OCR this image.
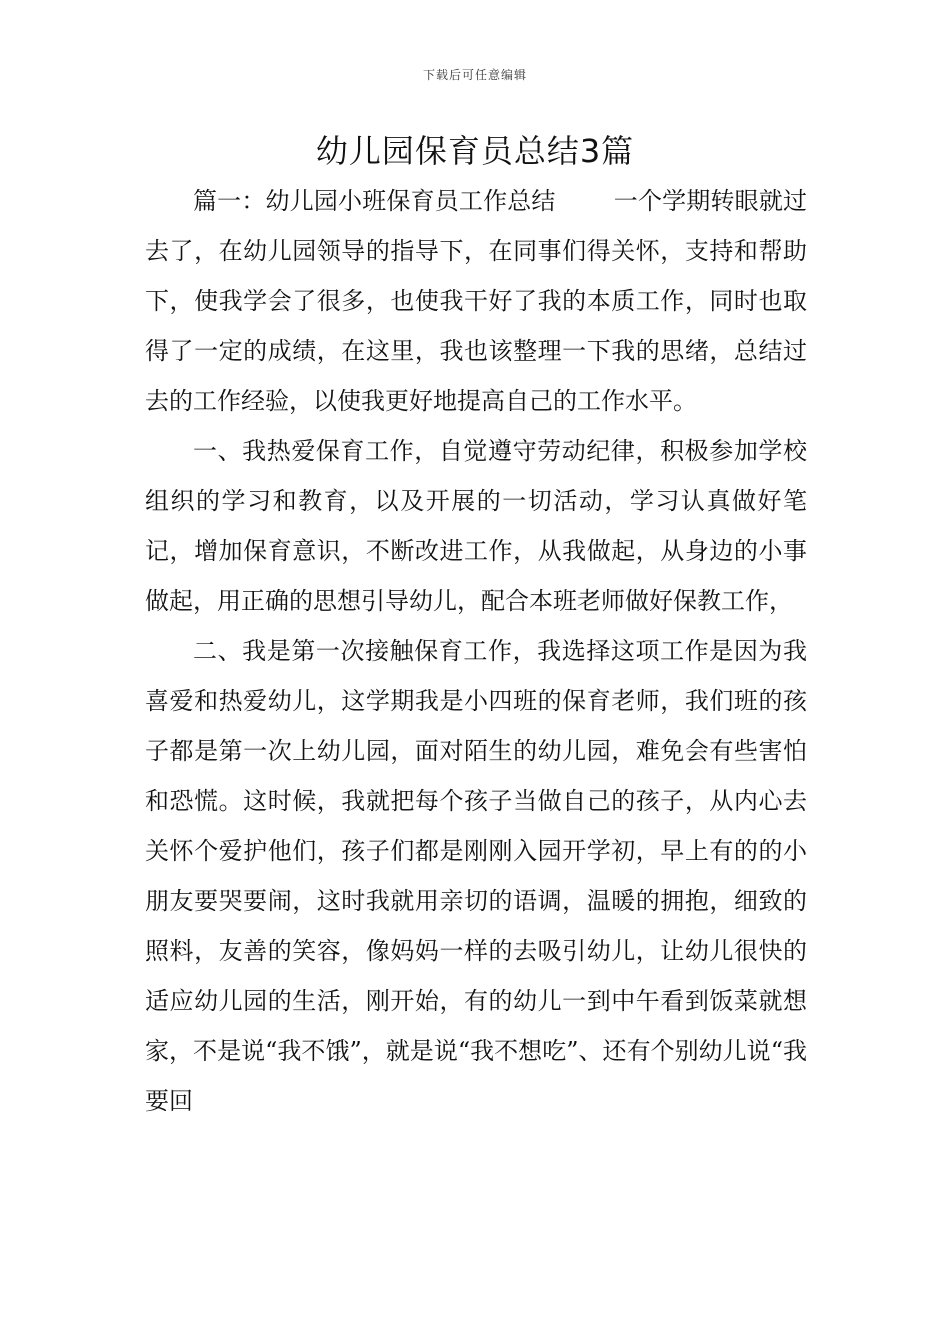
下载后可任意编辑
幼儿园保育员总结3篇

篇一：幼儿园小班保育员工作总结 一个学期转眼就过去了，在幼儿园领导的指导下，在同事们得关怀，支持和帮助下，使我学会了很多，也使我干好了我的本质工作，同时也取得了一定的成绩，在这里，我也该整理一下我的思绪，总结过去的工作经验，以使我更好地提高自己的工作水平。

一、我热爱保育工作，自觉遵守劳动纪律，积极参加学校组织的学习和教育，以及开展的一切活动，学习认真做好笔记，增加保育意识，不断改进工作，从我做起，从身边的小事做起，用正确的思想引导幼儿，配合本班老师做好保教工作，

二、我是第一次接触保育工作，我选择这项工作是因为我喜爱和热爱幼儿，这学期我是小四班的保育老师，我们班的孩子都是第一次上幼儿园，面对陌生的幼儿园，难免会有些害怕和恐慌。这时候，我就把每个孩子当做自己的孩子，从内心去关怀个爱护他们，孩子们都是刚刚入园开学初，早上有的的小朋友要哭要闹，这时我就用亲切的语调，温暖的拥抱，细致的照料，友善的笑容，像妈妈一样的去吸引幼儿，让幼儿很快的适应幼儿园的生活，刚开始，有的幼儿一到中午看到饭菜就想家，不是说“我不饿”，就是说“我不想吃”、还有个别幼儿说“我要回
